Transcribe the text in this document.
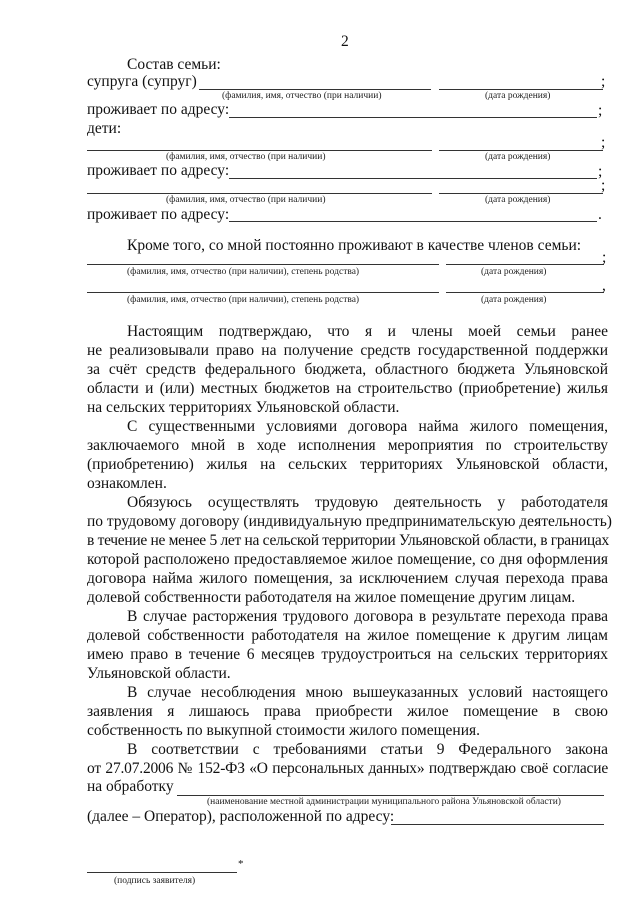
2
Состав семьи:
супруга (супруг)	;
(фамилия, имя, отчество (при наличии)	(дата рождения)
проживает по адресу:	;
дети:
;
(фамилия, имя, отчество (при наличии)	(дата рождения)
проживает по адресу:	;
;
(фамилия, имя, отчество (при наличии)	(дата рождения)
проживает по адресу:	.
Кроме того, со мной постоянно проживают в качестве членов семьи:
;
(фамилия, имя, отчество (при наличии), степень родства)	(дата рождения)
,
(фамилия, имя, отчество (при наличии), степень родства)	(дата рождения)
Настоящим подтверждаю, что я и члены моей семьи ранее
не реализовывали право на получение средств государственной поддержки
за счёт средств федерального бюджета, областного бюджета Ульяновской
области и (или) местных бюджетов на строительство (приобретение) жилья
на сельских территориях Ульяновской области.
С существенными условиями договора найма жилого помещения,
заключаемого мной в ходе исполнения мероприятия по строительству
(приобретению) жилья на сельских территориях Ульяновской области,
ознакомлен.
Обязуюсь осуществлять трудовую деятельность у работодателя
по трудовому договору (индивидуальную предпринимательскую деятельность)
в течение не менее 5 лет на сельской территории Ульяновской области, в границах
которой расположено предоставляемое жилое помещение, со дня оформления
договора найма жилого помещения, за исключением случая перехода права
долевой собственности работодателя на жилое помещение другим лицам.
В случае расторжения трудового договора в результате перехода права
долевой собственности работодателя на жилое помещение к другим лицам
имею право в течение 6 месяцев трудоустроиться на сельских территориях
Ульяновской области.
В случае несоблюдения мною вышеуказанных условий настоящего
заявления я лишаюсь права приобрести жилое помещение в свою
собственность по выкупной стоимости жилого помещения.
В соответствии с требованиями статьи 9 Федерального закона
от 27.07.2006 № 152-ФЗ «О персональных данных» подтверждаю своё согласие
на обработку
(наименование местной администрации муниципального района Ульяновской области)
(далее – Оператор), расположенной по адресу:
*
(подпись заявителя)
